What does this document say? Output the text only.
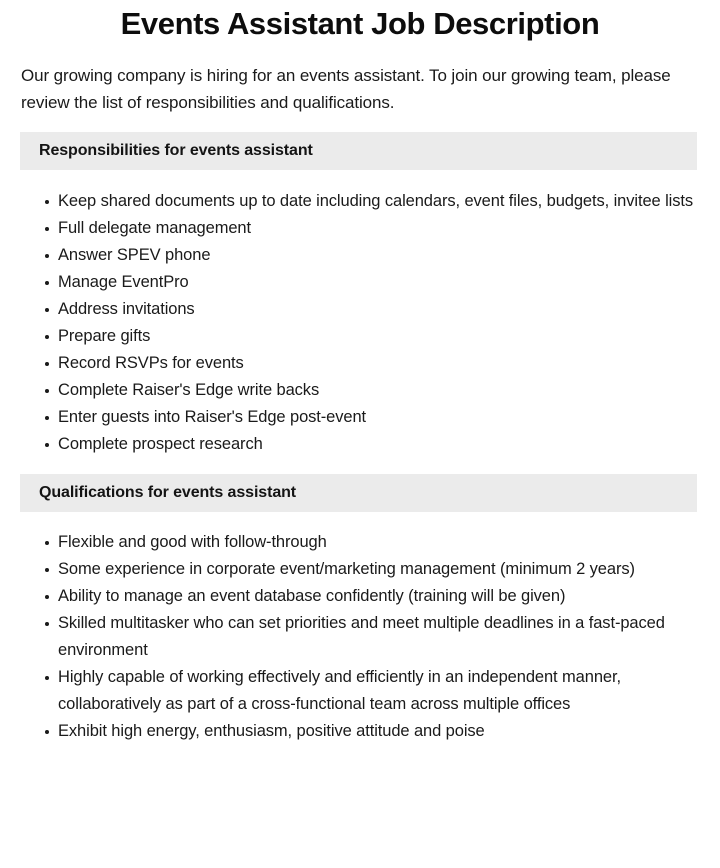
Events Assistant Job Description

Our growing company is hiring for an events assistant. To join our growing team, please review the list of responsibilities and qualifications.

Responsibilities for events assistant
Keep shared documents up to date including calendars, event files, budgets, invitee lists
Full delegate management
Answer SPEV phone
Manage EventPro
Address invitations
Prepare gifts
Record RSVPs for events
Complete Raiser's Edge write backs
Enter guests into Raiser's Edge post-event
Complete prospect research
Qualifications for events assistant
Flexible and good with follow-through
Some experience in corporate event/marketing management (minimum 2 years)
Ability to manage an event database confidently (training will be given)
Skilled multitasker who can set priorities and meet multiple deadlines in a fast-paced environment
Highly capable of working effectively and efficiently in an independent manner, collaboratively as part of a cross-functional team across multiple offices
Exhibit high energy, enthusiasm, positive attitude and poise
